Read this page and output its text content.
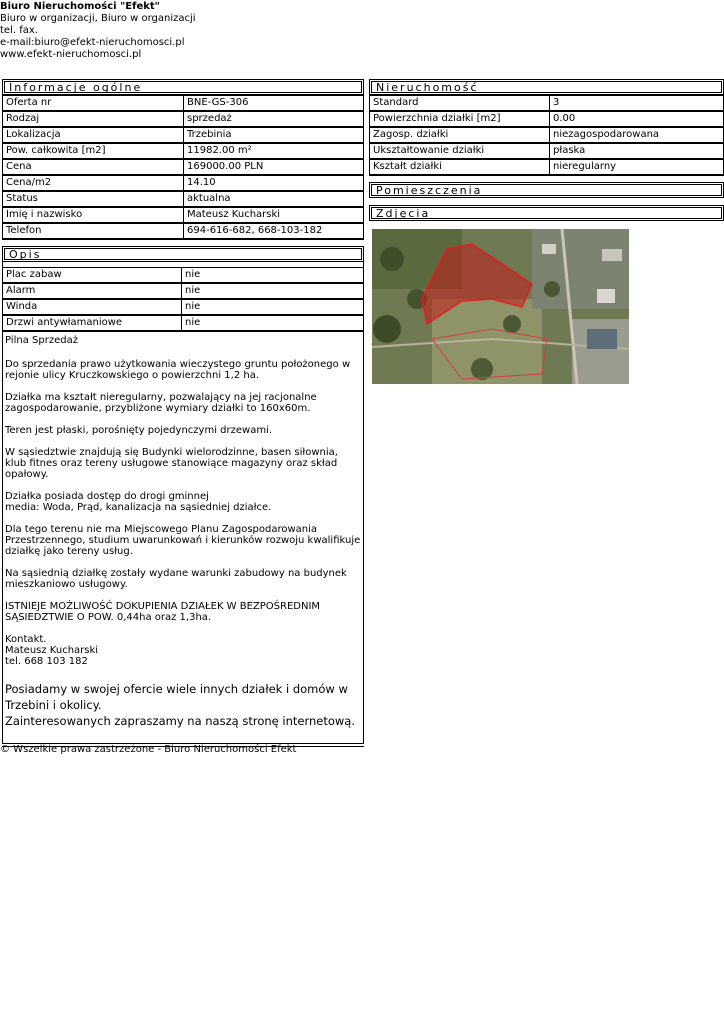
Biuro Nieruchomości "Efekt"
Biuro w organizacji, Biuro w organizacji
tel. fax.
e-mail:biuro@efekt-nieruchomosci.pl
www.efekt-nieruchomosci.pl
Informacje ogólne
Oferta nr	BNE-GS-306
Rodzaj	sprzedaż
Lokalizacja	Trzebinia
Pow. całkowita [m2]	11982.00 m²
Cena	169000.00 PLN
Cena/m2	14.10
Status	aktualna
Imię i nazwisko	Mateusz Kucharski
Telefon	694-616-682, 668-103-182
Opis
Plac zabaw	nie
Alarm	nie
Winda	nie
Drzwi antywłamaniowe	nie

Pilna Sprzedaż

Do sprzedania prawo użytkowania wieczystego gruntu położonego w rejonie ulicy Kruczkowskiego o powierzchni 1,2 ha.

Działka ma kształt nieregularny, pozwalający na jej racjonalne zagospodarowanie, przybliżone wymiary działki to 160x60m.

Teren jest płaski, porośnięty pojedynczymi drzewami.

W sąsiedztwie znajdują się Budynki wielorodzinne, basen siłownia, klub fitnes oraz tereny usługowe stanowiące magazyny oraz skład opałowy.

Działka posiada dostęp do drogi gminnej
media: Woda, Prąd, kanalizacja na sąsiedniej działce.

Dla tego terenu nie ma Miejscowego Planu Zagospodarowania Przestrzennego, studium uwarunkowań i kierunków rozwoju kwalifikuje działkę jako tereny usług.

Na sąsiednią działkę zostały wydane warunki zabudowy na budynek mieszkaniowo usługowy.

ISTNIEJE MOŻLIWOŚĆ DOKUPIENIA DZIAŁEK W BEZPOŚREDNIM SĄSIEDZTWIE O POW. 0,44ha oraz 1,3ha.

Kontakt.
Mateusz Kucharski
tel. 668 103 182

Posiadamy w swojej ofercie wiele innych działek i domów w Trzebini i okolicy.
Zainteresowanych zapraszamy na naszą stronę internetową.
Nieruchomość
Standard	3
Powierzchnia działki [m2]	0.00
Zagosp. działki	niezagospodarowana
Ukształtowanie działki	płaska
Kształt działki	nieregularny
Pomieszczenia
Zdjęcia
© Wszelkie prawa zastrzeżone - Biuro Nieruchomości Efekt
